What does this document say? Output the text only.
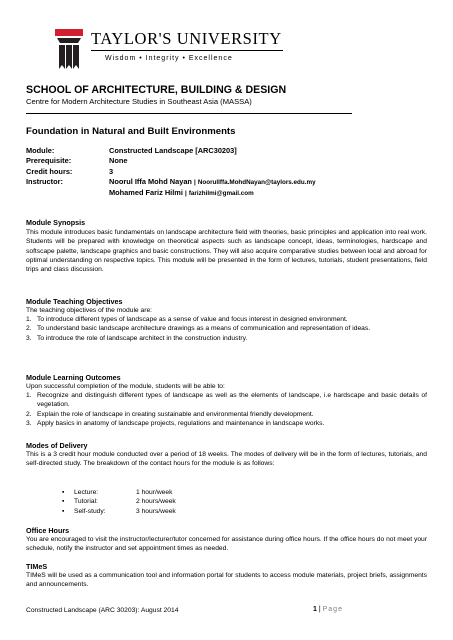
TAYLOR'S UNIVERSITY
Wisdom • Integrity • Excellence
SCHOOL OF ARCHITECTURE, BUILDING & DESIGN
Centre for Modern Architecture Studies in Southeast Asia (MASSA)
Foundation in Natural and Built Environments
Module:	Constructed Landscape [ARC30203]
Prerequisite:	None
Credit hours:	3
Instructor:	Noorul Iffa Mohd Nayan | NoorulIffa.MohdNayan@taylors.edu.my
Mohamed Fariz Hilmi | farizhilmi@gmail.com
Module Synopsis
This module introduces basic fundamentals on landscape architecture field with theories, basic principles and application into real work. Students will be prepared with knowledge on theoretical aspects such as landscape concept, ideas, terminologies, hardscape and softscape palette, landscape graphics and basic constructions. They will also acquire comparative studies between local and abroad for optimal understanding on respective topics. This module will be presented in the form of lectures, tutorials, student presentations, field trips and class discussion.
Module Teaching Objectives
The teaching objectives of the module are:
1. To introduce different types of landscape as a sense of value and focus interest in designed environment.
2. To understand basic landscape architecture drawings as a means of communication and representation of ideas.
3. To introduce the role of landscape architect in the construction industry.
Module Learning Outcomes
Upon successful completion of the module, students will be able to:
1. Recognize and distinguish different types of landscape as well as the elements of landscape, i.e hardscape and basic details of vegetation.
2. Explain the role of landscape in creating sustainable and environmental friendly development.
3. Apply basics in anatomy of landscape projects, regulations and maintenance in landscape works.
Modes of Delivery
This is a 3 credit hour module conducted over a period of 18 weeks. The modes of delivery will be in the form of lectures, tutorials, and self-directed study. The breakdown of the contact hours for the module is as follows:
▪ Lecture:	1 hour/week
▪ Tutorial:	2 hours/week
▪ Self-study:	3 hours/week
Office Hours
You are encouraged to visit the instructor/lecturer/tutor concerned for assistance during office hours. If the office hours do not meet your schedule, notify the instructor and set appointment times as needed.
TIMeS
TIMeS will be used as a communication tool and information portal for students to access module materials, project briefs, assignments and announcements.
Constructed Landscape (ARC 30203): August 2014	1 | Page
